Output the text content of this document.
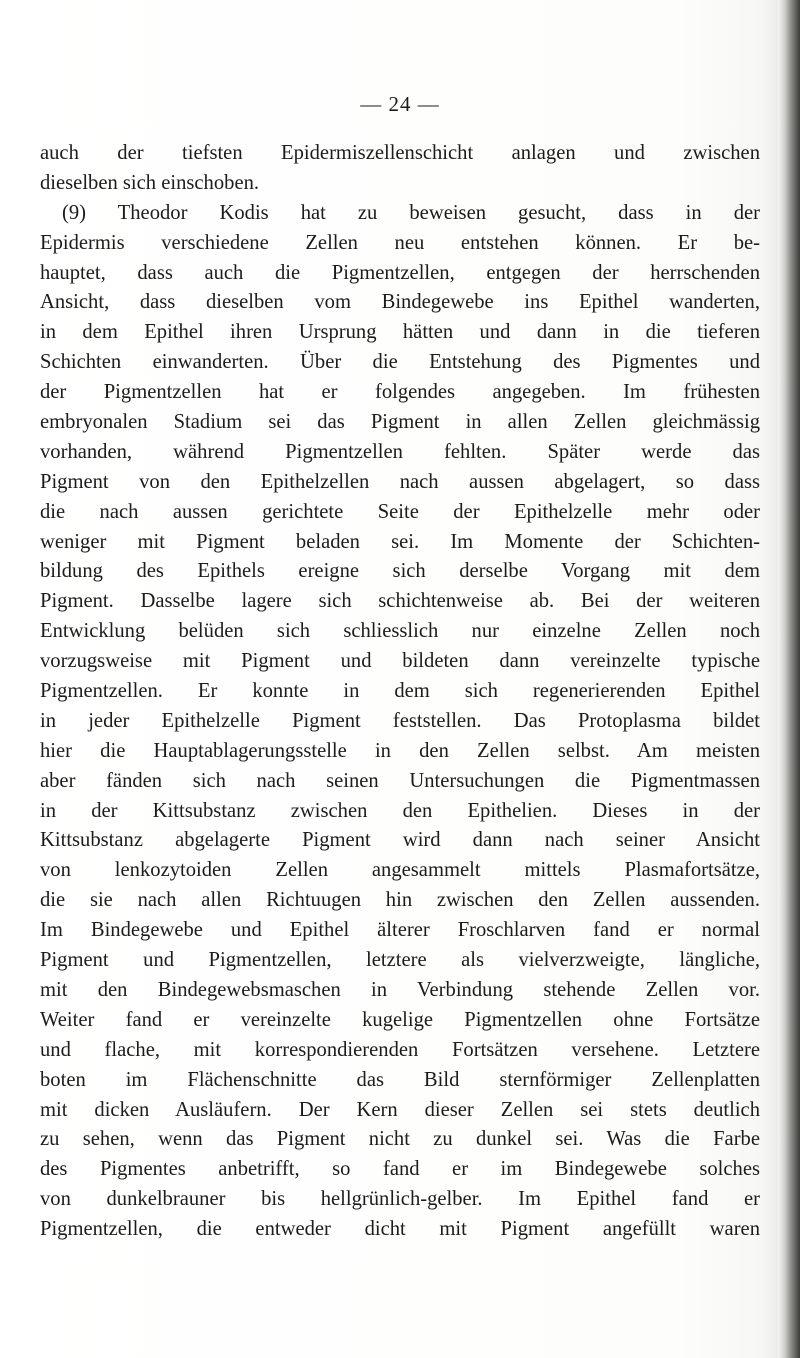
— 24 —
auch der tiefsten Epidermiszellenschicht anlagen und zwischen
dieselben sich einschoben.
(9) Theodor Kodis hat zu beweisen gesucht, dass in der
Epidermis verschiedene Zellen neu entstehen können. Er be-
hauptet, dass auch die Pigmentzellen, entgegen der herrschenden
Ansicht, dass dieselben vom Bindegewebe ins Epithel wanderten,
in dem Epithel ihren Ursprung hätten und dann in die tieferen
Schichten einwanderten. Über die Entstehung des Pigmentes und
der Pigmentzellen hat er folgendes angegeben. Im frühesten
embryonalen Stadium sei das Pigment in allen Zellen gleichmässig
vorhanden, während Pigmentzellen fehlten. Später werde das
Pigment von den Epithelzellen nach aussen abgelagert, so dass
die nach aussen gerichtete Seite der Epithelzelle mehr oder
weniger mit Pigment beladen sei. Im Momente der Schichten-
bildung des Epithels ereigne sich derselbe Vorgang mit dem
Pigment. Dasselbe lagere sich schichtenweise ab. Bei der weiteren
Entwicklung belüden sich schliesslich nur einzelne Zellen noch
vorzugsweise mit Pigment und bildeten dann vereinzelte typische
Pigmentzellen. Er konnte in dem sich regenerierenden Epithel
in jeder Epithelzelle Pigment feststellen. Das Protoplasma bildet
hier die Hauptablagerungsstelle in den Zellen selbst. Am meisten
aber fänden sich nach seinen Untersuchungen die Pigmentmassen
in der Kittsubstanz zwischen den Epithelien. Dieses in der
Kittsubstanz abgelagerte Pigment wird dann nach seiner Ansicht
von lenkozytoiden Zellen angesammelt mittels Plasmafortsätze,
die sie nach allen Richtuugen hin zwischen den Zellen aussenden.
Im Bindegewebe und Epithel älterer Froschlarven fand er normal
Pigment und Pigmentzellen, letztere als vielverzweigte, längliche,
mit den Bindegewebsmaschen in Verbindung stehende Zellen vor.
Weiter fand er vereinzelte kugelige Pigmentzellen ohne Fortsätze
und flache, mit korrespondierenden Fortsätzen versehene. Letztere
boten im Flächenschnitte das Bild sternförmiger Zellenplatten
mit dicken Ausläufern. Der Kern dieser Zellen sei stets deutlich
zu sehen, wenn das Pigment nicht zu dunkel sei. Was die Farbe
des Pigmentes anbetrifft, so fand er im Bindegewebe solches
von dunkelbrauner bis hellgrünlich-gelber. Im Epithel fand er
Pigmentzellen, die entweder dicht mit Pigment angefüllt waren
